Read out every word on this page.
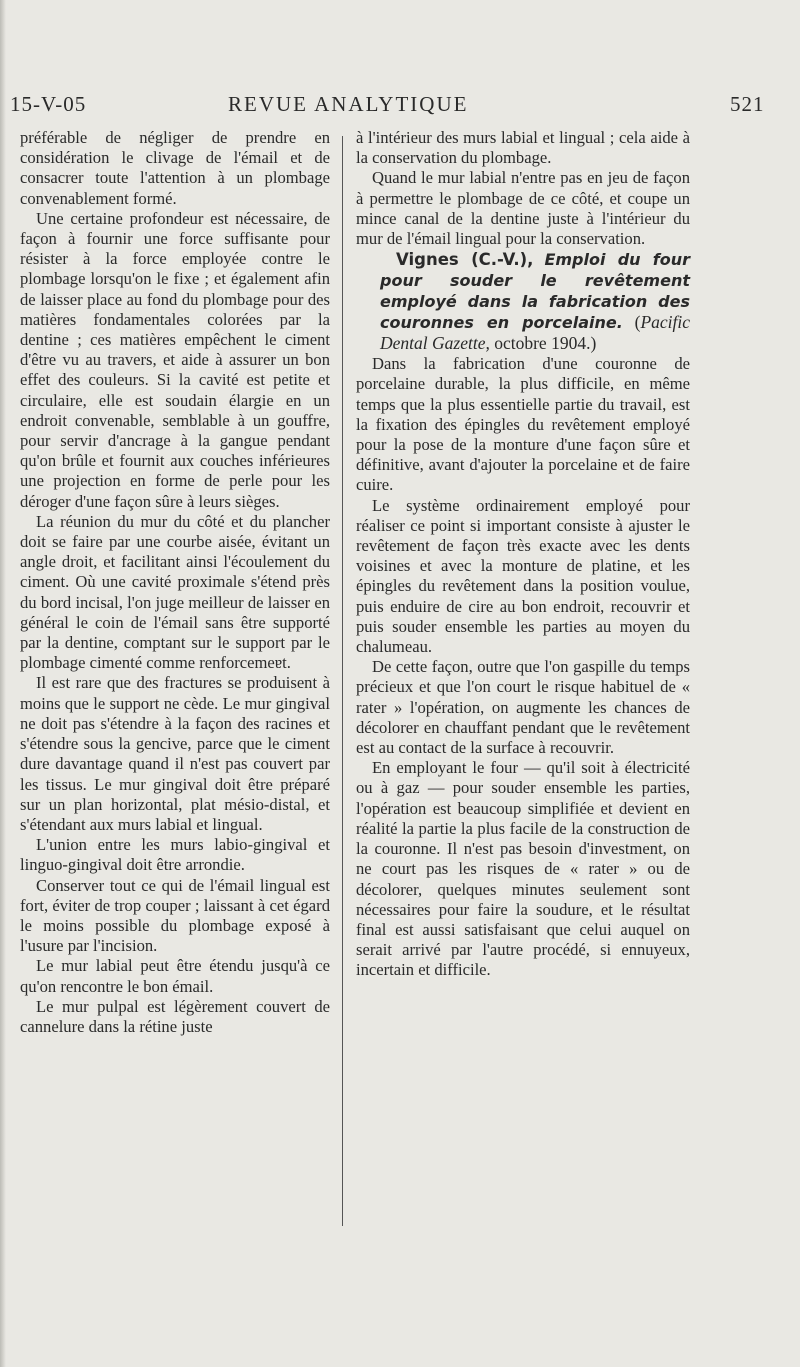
15-V-05	REVUE ANALYTIQUE	521

préférable de négliger de prendre en considération le clivage de l'émail et de consacrer toute l'attention à un plombage convenablement formé.

Une certaine profondeur est nécessaire, de façon à fournir une force suffisante pour résister à la force employée contre le plombage lorsqu'on le fixe ; et également afin de laisser place au fond du plombage pour des matières fondamentales colorées par la dentine ; ces matières empêchent le ciment d'être vu au travers, et aide à assurer un bon effet des couleurs. Si la cavité est petite et circulaire, elle est soudain élargie en un endroit convenable, semblable à un gouffre, pour servir d'ancrage à la gangue pendant qu'on brûle et fournit aux couches inférieures une projection en forme de perle pour les déroger d'une façon sûre à leurs sièges.

La réunion du mur du côté et du plancher doit se faire par une courbe aisée, évitant un angle droit, et facilitant ainsi l'écoulement du ciment. Où une cavité proximale s'étend près du bord incisal, l'on juge meilleur de laisser en général le coin de l'émail sans être supporté par la dentine, comptant sur le support par le plombage cimenté comme renforcemeɐt.

Il est rare que des fractures se produisent à moins que le support ne cède. Le mur gingival ne doit pas s'étendre à la façon des racines et s'étendre sous la gencive, parce que le ciment dure davantage quand il n'est pas couvert par les tissus. Le mur gingival doit être préparé sur un plan horizontal, plat mésio-distal, et s'étendant aux murs labial et lingual.

L'union entre les murs labio-gingival et linguo-gingival doit être arrondie.

Conserver tout ce qui de l'émail lingual est fort, éviter de trop couper ; laissant à cet égard le moins possible du plombage exposé à l'usure par l'incision.

Le mur labial peut être étendu jusqu'à ce qu'on rencontre le bon émail.

Le mur pulpal est légèrement couvert de cannelure dans la rétine juste

à l'intérieur des murs labial et lingual ; cela aide à la conservation du plombage.

Quand le mur labial n'entre pas en jeu de façon à permettre le plombage de ce côté, et coupe un mince canal de la dentine juste à l'intérieur du mur de l'émail lingual pour la conservation.

Vignes (C.-V.), Emploi du four pour souder le revêtement employé dans la fabrication des couronnes en porcelaine. (Pacific Dental Gazette, octobre 1904.)

Dans la fabrication d'une couronne de porcelaine durable, la plus difficile, en même temps que la plus essentielle partie du travail, est la fixation des épingles du revêtement employé pour la pose de la monture d'une façon sûre et définitive, avant d'ajouter la porcelaine et de faire cuire.

Le système ordinairement employé pour réaliser ce point si important consiste à ajuster le revêtement de façon très exacte avec les dents voisines et avec la monture de platine, et les épingles du revêtement dans la position voulue, puis enduire de cire au bon endroit, recouvrir et puis souder ensemble les parties au moyen du chalumeau.

De cette façon, outre que l'on gaspille du temps précieux et que l'on court le risque habituel de « rater » l'opération, on augmente les chances de décolorer en chauffant pendant que le revêtement est au contact de la surface à recouvrir.

En employant le four — qu'il soit à électricité ou à gaz — pour souder ensemble les parties, l'opération est beaucoup simplifiée et devient en réalité la partie la plus facile de la construction de la couronne. Il n'est pas besoin d'investment, on ne court pas les risques de « rater » ou de décolorer, quelques minutes seulement sont nécessaires pour faire la soudure, et le résultat final est aussi satisfaisant que celui auquel on serait arrivé par l'autre procédé, si ennuyeux, incertain et difficile.
